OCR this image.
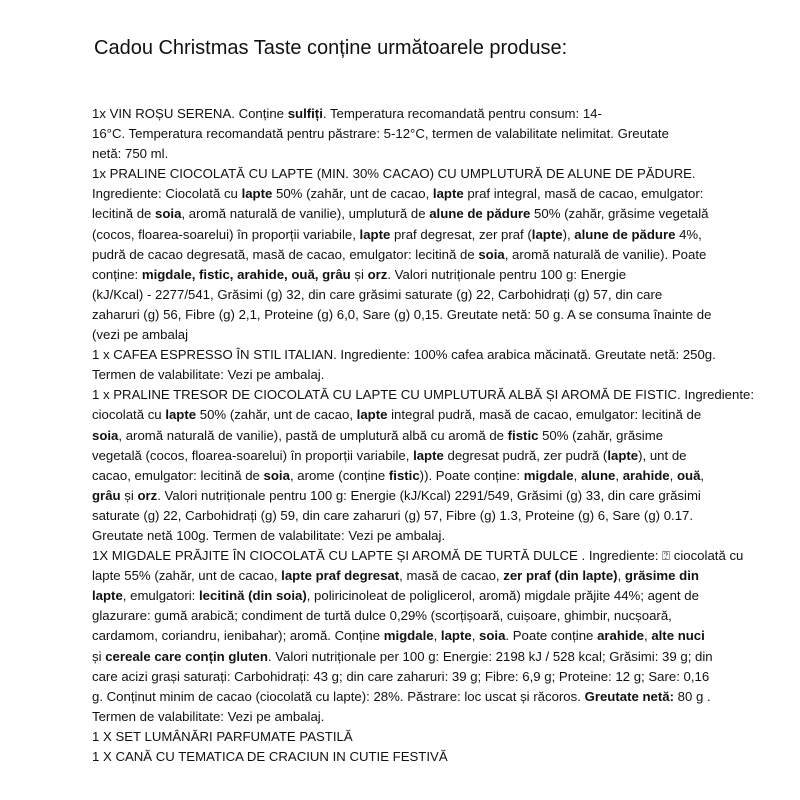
Cadou Christmas Taste conține următoarele produse:
1x VIN ROȘU SERENA. Conține sulfiți. Temperatura recomandată pentru consum: 14-
16°C. Temperatura recomandată pentru păstrare: 5-12°C, termen de valabilitate nelimitat. Greutate
netă: 750 ml.
1x PRALINE CIOCOLATĂ CU LAPTE (MIN. 30% CACAO) CU UMPLUTURĂ DE ALUNE DE PĂDURE.
Ingrediente: Ciocolată cu lapte 50% (zahăr, unt de cacao, lapte praf integral, masă de cacao, emulgator:
lecitină de soia, aromă naturală de vanilie), umplutură de alune de pădure 50% (zahăr, grăsime vegetală
(cocos, floarea-soarelui) în proporții variabile, lapte praf degresat, zer praf (lapte), alune de pădure 4%,
pudră de cacao degresată, masă de cacao, emulgator: lecitină de soia, aromă naturală de vanilie). Poate
conține: migdale, fistic, arahide, ouă, grâu și orz. Valori nutriționale pentru 100 g: Energie
(kJ/Kcal) - 2277/541, Grăsimi (g) 32, din care grăsimi saturate (g) 22, Carbohidrați (g) 57, din care
zaharuri (g) 56, Fibre (g) 2,1, Proteine (g) 6,0, Sare (g) 0,15. Greutate netă: 50 g. A se consuma înainte de
(vezi pe ambalaj
1 x CAFEA ESPRESSO ÎN STIL ITALIAN. Ingrediente: 100% cafea arabica măcinată. Greutate netă: 250g.
Termen de valabilitate: Vezi pe ambalaj.
1 x PRALINE TRESOR DE CIOCOLATĂ CU LAPTE CU UMPLUTURĂ ALBĂ ȘI AROMĂ DE FISTIC. Ingrediente:
ciocolată cu lapte 50% (zahăr, unt de cacao, lapte integral pudră, masă de cacao, emulgator: lecitină de
soia, aromă naturală de vanilie), pastă de umplutură albă cu aromă de fistic 50% (zahăr, grăsime
vegetală (cocos, floarea-soarelui) în proporții variabile, lapte degresat pudră, zer pudră (lapte), unt de
cacao, emulgator: lecitină de soia, arome (conține fistic)). Poate conține: migdale, alune, arahide, ouă,
grâu și orz. Valori nutriționale pentru 100 g: Energie (kJ/Kcal) 2291/549, Grăsimi (g) 33, din care grăsimi
saturate (g) 22, Carbohidrați (g) 59, din care zaharuri (g) 57, Fibre (g) 1.3, Proteine (g) 6, Sare (g) 0.17.
Greutate netă 100g. Termen de valabilitate: Vezi pe ambalaj.
1X MIGDALE PRĂJITE ÎN CIOCOLATĂ CU LAPTE ȘI AROMĂ DE TURTĂ DULCE . Ingrediente: ⍰ ciocolată cu
lapte 55% (zahăr, unt de cacao, lapte praf degresat, masă de cacao, zer praf (din lapte), grăsime din
lapte, emulgatori: lecitină (din soia), poliricinoleat de poliglicerol, aromă) migdale prăjite 44%; agent de
glazurare: gumă arabică; condiment de turtă dulce 0,29% (scorțișoară, cuișoare, ghimbir, nucșoară,
cardamom, coriandru, ienibahar); aromă. Conține migdale, lapte, soia. Poate conține arahide, alte nuci
și cereale care conțin gluten. Valori nutriționale per 100 g: Energie: 2198 kJ / 528 kcal; Grăsimi: 39 g; din
care acizi grași saturați: Carbohidrați: 43 g; din care zaharuri: 39 g; Fibre: 6,9 g; Proteine: 12 g; Sare: 0,16
g. Conținut minim de cacao (ciocolată cu lapte): 28%. Păstrare: loc uscat și răcoros. Greutate netă: 80 g .
Termen de valabilitate: Vezi pe ambalaj.
1 X SET LUMÂNĂRI PARFUMATE PASTILĂ
1 X CANĂ CU TEMATICA DE CRACIUN IN CUTIE FESTIVĂ
